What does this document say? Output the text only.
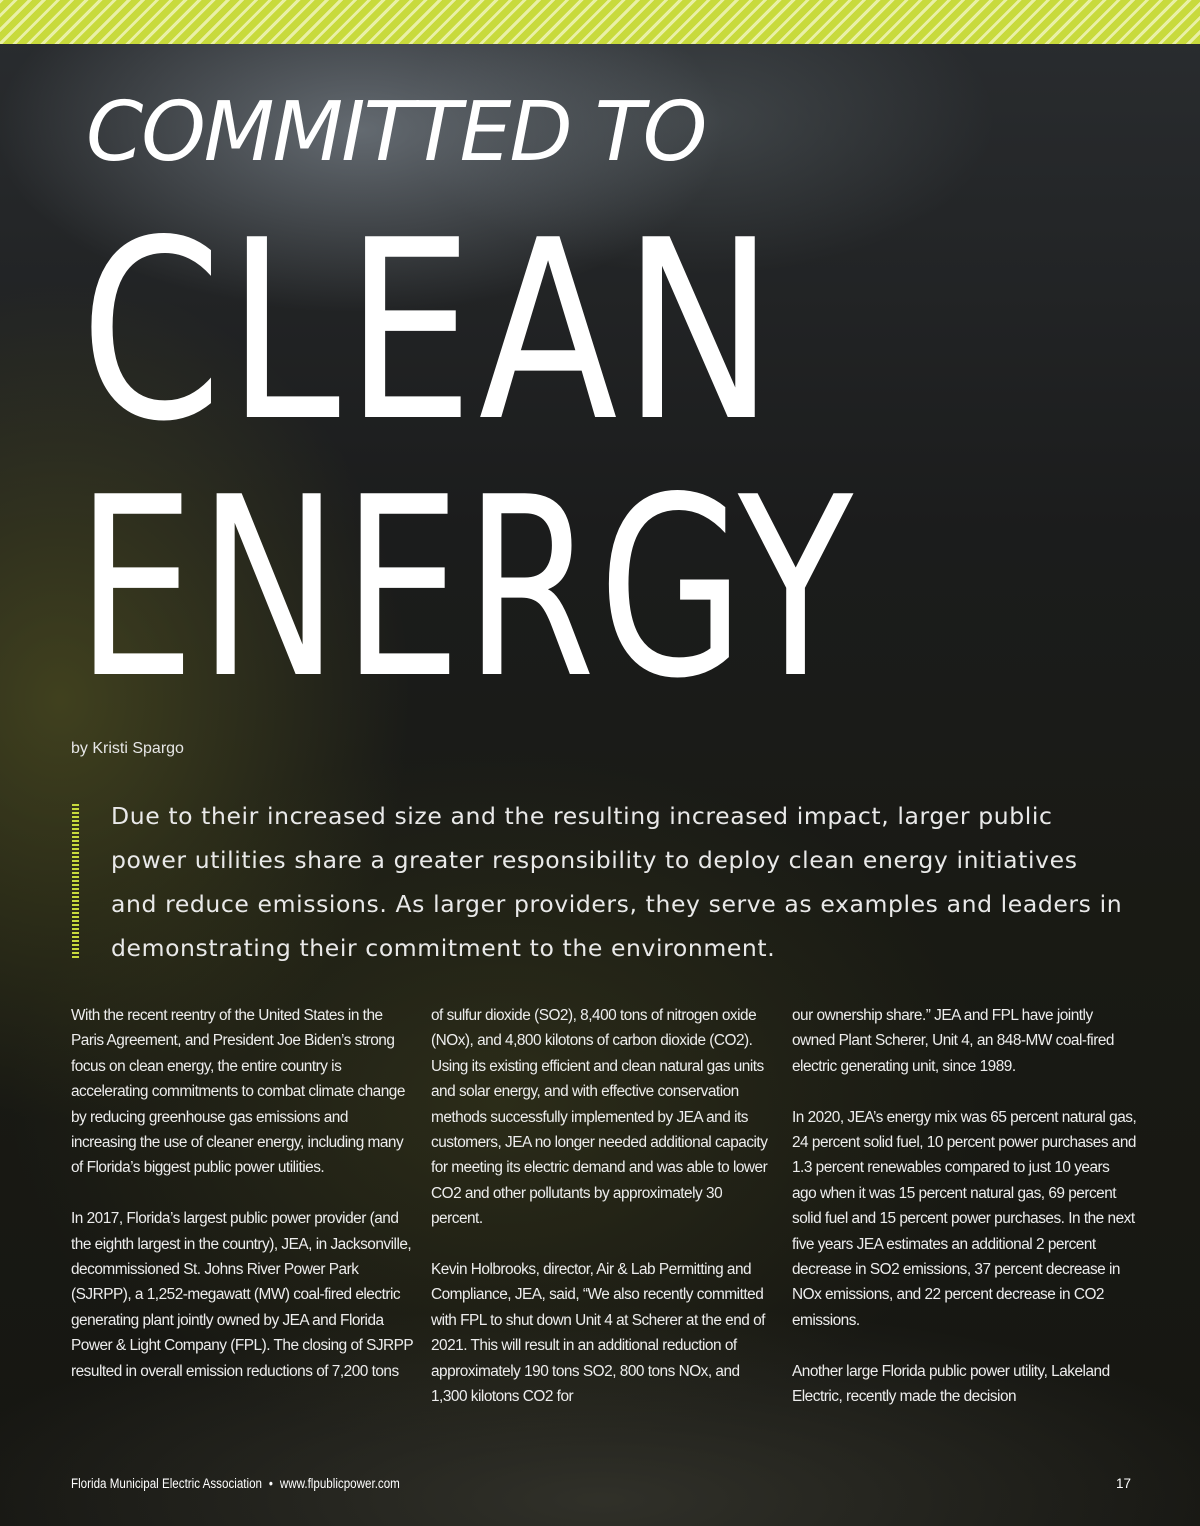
COMMITTED TO
CLEAN
ENERGY
by Kristi Spargo

Due to their increased size and the resulting increased impact, larger public power utilities share a greater responsibility to deploy clean energy initiatives and reduce emissions. As larger providers, they serve as examples and leaders in demonstrating their commitment to the environment.

With the recent reentry of the United States in the Paris Agreement, and President Joe Biden’s strong focus on clean energy, the entire country is accelerating commitments to combat climate change by reducing greenhouse gas emissions and increasing the use of cleaner energy, including many of Florida’s biggest public power utilities.

In 2017, Florida’s largest public power provider (and the eighth largest in the country), JEA, in Jacksonville, decommissioned St. Johns River Power Park (SJRPP), a 1,252-megawatt (MW) coal-fired electric generating plant jointly owned by JEA and Florida Power & Light Company (FPL). The closing of SJRPP resulted in overall emission reductions of 7,200 tons

of sulfur dioxide (SO2), 8,400 tons of nitrogen oxide (NOx), and 4,800 kilotons of carbon dioxide (CO2). Using its existing efficient and clean natural gas units and solar energy, and with effective conservation methods successfully implemented by JEA and its customers, JEA no longer needed additional capacity for meeting its electric demand and was able to lower CO2 and other pollutants by approximately 30 percent.

Kevin Holbrooks, director, Air & Lab Permitting and Compliance, JEA, said, “We also recently committed with FPL to shut down Unit 4 at Scherer at the end of 2021. This will result in an additional reduction of approximately 190 tons SO2, 800 tons NOx, and 1,300 kilotons CO2 for

our ownership share.” JEA and FPL have jointly owned Plant Scherer, Unit 4, an 848-MW coal-fired electric generating unit, since 1989.

In 2020, JEA’s energy mix was 65 percent natural gas, 24 percent solid fuel, 10 percent power purchases and 1.3 percent renewables compared to just 10 years ago when it was 15 percent natural gas, 69 percent solid fuel and 15 percent power purchases. In the next five years JEA estimates an additional 2 percent decrease in SO2 emissions, 37 percent decrease in NOx emissions, and 22 percent decrease in CO2 emissions.

Another large Florida public power utility, Lakeland Electric, recently made the decision

Florida Municipal Electric Association • www.flpublicpower.com	17
